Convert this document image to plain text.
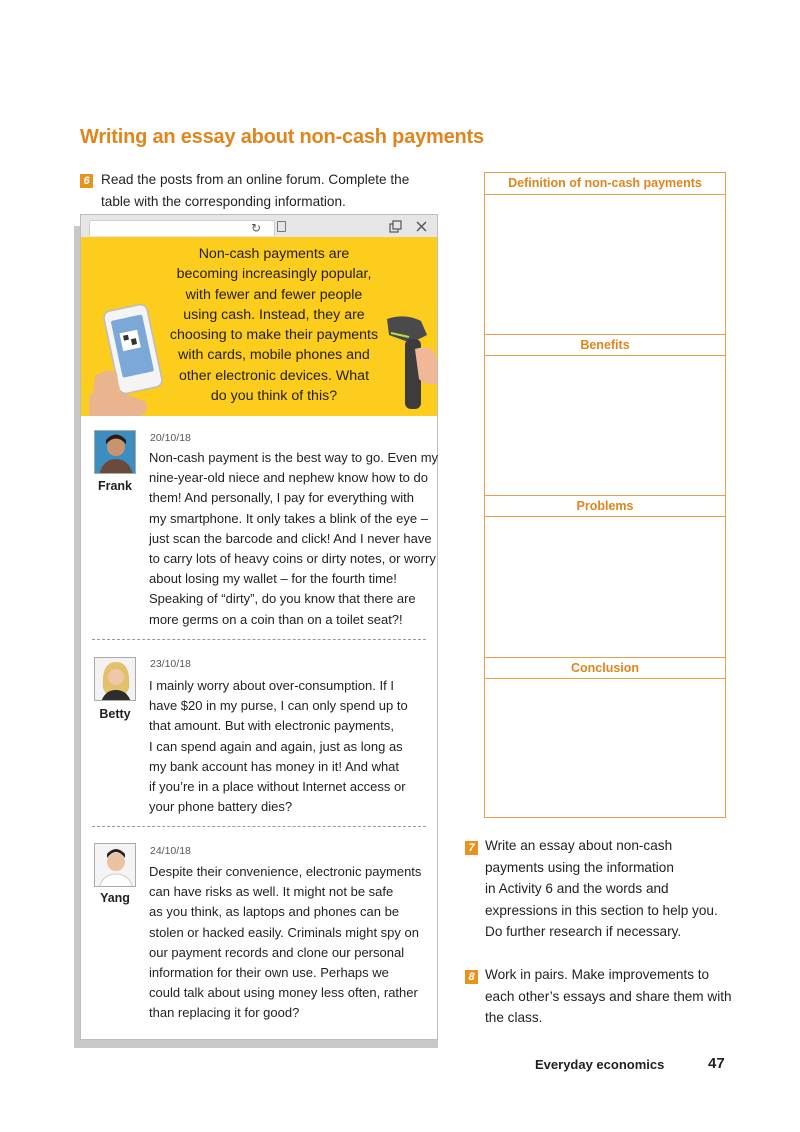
Writing an essay about non-cash payments
6 Read the posts from an online forum. Complete the
table with the corresponding information.
↻
Non-cash payments are
becoming increasingly popular,
with fewer and fewer people
using cash. Instead, they are
choosing to make their payments
with cards, mobile phones and
other electronic devices. What
do you think of this?
Frank
20/10/18
Non-cash payment is the best way to go. Even my
nine-year-old niece and nephew know how to do
them! And personally, I pay for everything with
my smartphone. It only takes a blink of the eye –
just scan the barcode and click! And I never have
to carry lots of heavy coins or dirty notes, or worry
about losing my wallet – for the fourth time!
Speaking of “dirty”, do you know that there are
more germs on a coin than on a toilet seat?!
Betty
23/10/18
I mainly worry about over-consumption. If I
have $20 in my purse, I can only spend up to
that amount. But with electronic payments,
I can spend again and again, just as long as
my bank account has money in it! And what
if you’re in a place without Internet access or
your phone battery dies?
Yang
24/10/18
Despite their convenience, electronic payments
can have risks as well. It might not be safe
as you think, as laptops and phones can be
stolen or hacked easily. Criminals might spy on
our payment records and clone our personal
information for their own use. Perhaps we
could talk about using money less often, rather
than replacing it for good?
Definition of non-cash payments
Benefits
Problems
Conclusion
7 Write an essay about non-cash
payments using the information
in Activity 6 and the words and
expressions in this section to help you.
Do further research if necessary.
8 Work in pairs. Make improvements to
each other’s essays and share them with
the class.
Everyday economics	47
